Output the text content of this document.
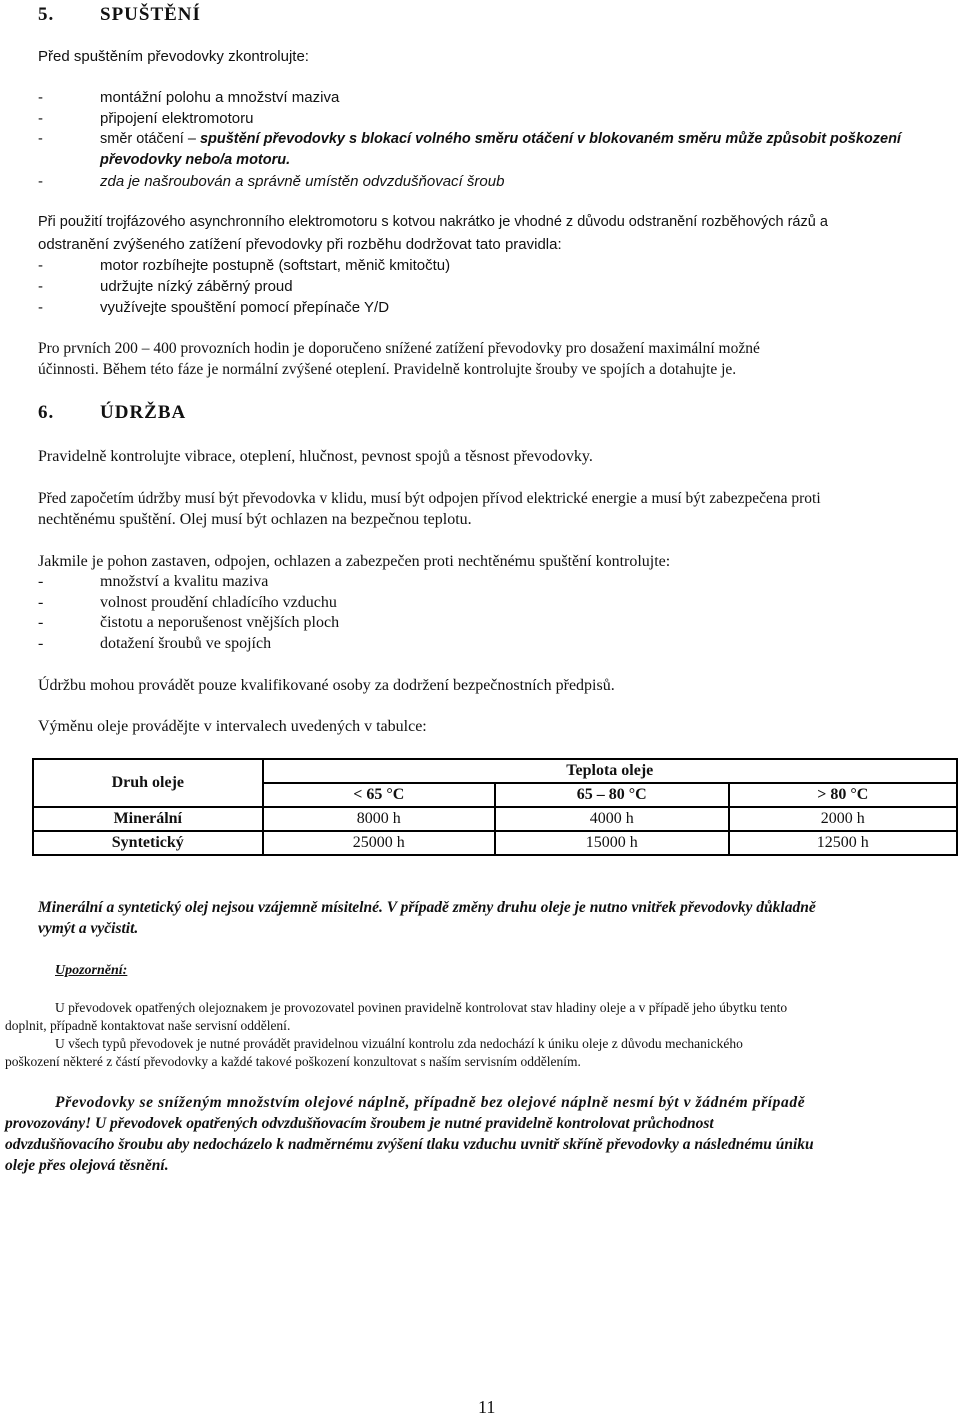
5. SPUŠTĚNÍ
Před spuštěním převodovky zkontrolujte:
-	montážní polohu a množství maziva
-	připojení elektromotoru
-	směr otáčení – spuštění převodovky s blokací volného směru otáčení v blokovaném směru může způsobit poškození
převodovky nebo/a motoru.
-	zda je našroubován a správně umístěn odvzdušňovací šroub
Při použití trojfázového asynchronního elektromotoru s kotvou nakrátko je vhodné z důvodu odstranění rozběhových rázů a
odstranění zvýšeného zatížení převodovky při rozběhu dodržovat tato pravidla:
-	motor rozbíhejte postupně (softstart, měnič kmitočtu)
-	udržujte nízký záběrný proud
-	využívejte spouštění pomocí přepínače Y/D
Pro prvních 200 – 400 provozních hodin je doporučeno snížené zatížení převodovky pro dosažení maximální možné
účinnosti. Během této fáze je normální zvýšené oteplení. Pravidelně kontrolujte šrouby ve spojích a dotahujte je.
6. ÚDRŽBA
Pravidelně kontrolujte vibrace, oteplení, hlučnost, pevnost spojů a těsnost převodovky.
Před započetím údržby musí být převodovka v klidu, musí být odpojen přívod elektrické energie a musí být zabezpečena proti
nechtěnému spuštění. Olej musí být ochlazen na bezpečnou teplotu.
Jakmile je pohon zastaven, odpojen, ochlazen a zabezpečen proti nechtěnému spuštění kontrolujte:
-	množství a kvalitu maziva
-	volnost proudění chladícího vzduchu
-	čistotu a neporušenost vnějších ploch
-	dotažení šroubů ve spojích
Údržbu mohou provádět pouze kvalifikované osoby za dodržení bezpečnostních předpisů.
Výměnu oleje provádějte v intervalech uvedených v tabulce:
Druh oleje	Teplota oleje		
	< 65 °C	65 – 80 °C	> 80 °C
Minerální	8000 h	4000 h	2000 h
Syntetický	25000 h	15000 h	12500 h
Minerální a syntetický olej nejsou vzájemně mísitelné. V případě změny druhu oleje je nutno vnitřek převodovky důkladně
vymýt a vyčistit.
Upozornění:
U převodovek opatřených olejoznakem je provozovatel povinen pravidelně kontrolovat stav hladiny oleje a v případě jeho úbytku tento
doplnit, případně kontaktovat naše servisní oddělení.
U všech typů převodovek je nutné provádět pravidelnou vizuální kontrolu zda nedochází k úniku oleje z důvodu mechanického
poškození některé z částí převodovky a každé takové poškození konzultovat s naším servisním oddělením.
Převodovky se sníženým množstvím olejové náplně, případně bez olejové náplně nesmí být v žádném případě
provozovány! U převodovek opatřených odvzdušňovacím šroubem je nutné pravidelně kontrolovat průchodnost
odvzdušňovacího šroubu aby nedocházelo k nadměrnému zvýšení tlaku vzduchu uvnitř skříně převodovky a následnému úniku
oleje přes olejová těsnění.
11
